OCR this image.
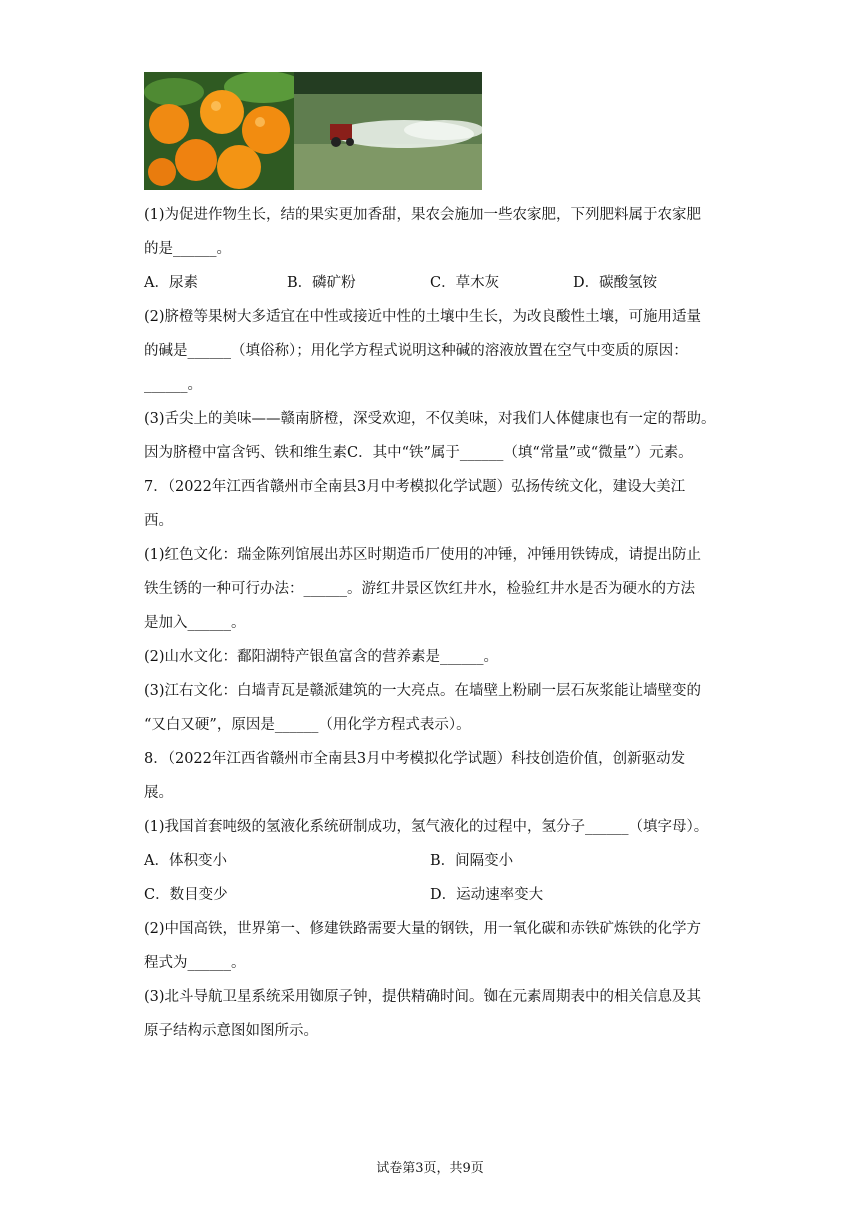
(1)为促进作物生长，结的果实更加香甜，果农会施加一些农家肥，下列肥料属于农家肥
的是______。
A．尿素	B．磷矿粉	C．草木灰	D．碳酸氢铵
(2)脐橙等果树大多适宜在中性或接近中性的土壤中生长，为改良酸性土壤，可施用适量
的碱是______（填俗称）；用化学方程式说明这种碱的溶液放置在空气中变质的原因：
______。
(3)舌尖上的美味——赣南脐橙，深受欢迎，不仅美味，对我们人体健康也有一定的帮助。
因为脐橙中富含钙、铁和维生素C．其中“铁”属于______（填“常量”或“微量”）元素。
7．（2022年江西省赣州市全南县3月中考模拟化学试题）弘扬传统文化，建设大美江
西。
(1)红色文化：瑞金陈列馆展出苏区时期造币厂使用的冲锤，冲锤用铁铸成，请提出防止
铁生锈的一种可行办法：______。游红井景区饮红井水，检验红井水是否为硬水的方法
是加入______。
(2)山水文化：鄱阳湖特产银鱼富含的营养素是______。
(3)江右文化：白墙青瓦是赣派建筑的一大亮点。在墙壁上粉刷一层石灰浆能让墙壁变的
“又白又硬”，原因是______（用化学方程式表示）。
8．（2022年江西省赣州市全南县3月中考模拟化学试题）科技创造价值，创新驱动发
展。
(1)我国首套吨级的氢液化系统研制成功，氢气液化的过程中，氢分子______（填字母）。
A．体积变小	B．间隔变小
C．数目变少	D．运动速率变大
(2)中国高铁，世界第一、修建铁路需要大量的钢铁，用一氧化碳和赤铁矿炼铁的化学方
程式为______。
(3)北斗导航卫星系统采用铷原子钟，提供精确时间。铷在元素周期表中的相关信息及其
原子结构示意图如图所示。
试卷第3页，共9页
